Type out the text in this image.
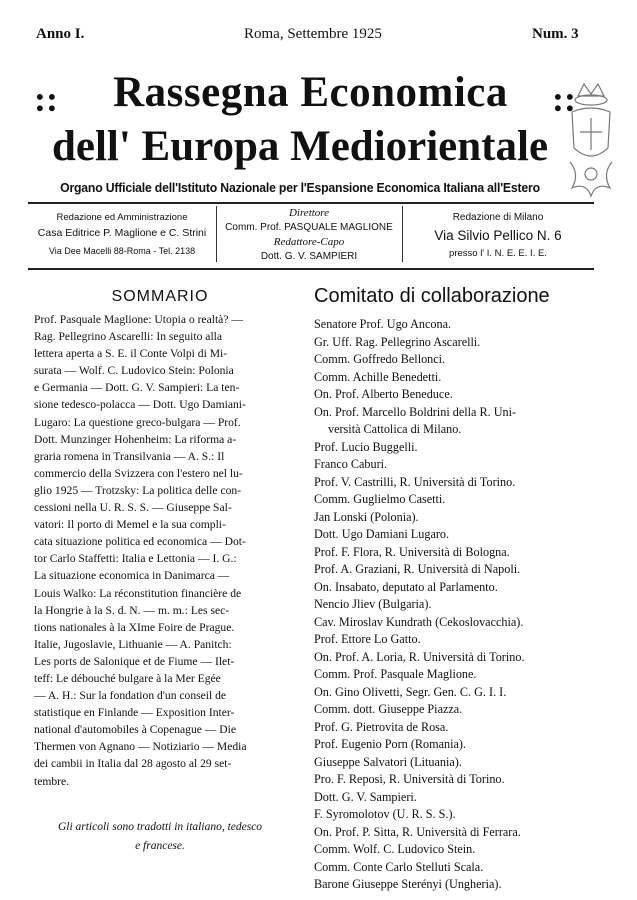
Anno I.	Roma, Settembre 1925	Num. 3
::	::
Rassegna Economica
dell' Europa Mediorientale
Organo Ufficiale dell'Istituto Nazionale per l'Espansione Economica Italiana all'Estero
Redazione ed Amministrazione
Casa Editrice P. Maglione e C. Strini
Via Dee Macelli 88-Roma - Tel. 2138
Direttore
Comm. Prof. PASQUALE MAGLIONE
Redattore-Capo
Dott. G. V. SAMPIERI
Redazione di Milano
Via Silvio Pellico N. 6
presso l' I. N. E. E. I. E.
SOMMARIO	Comitato di collaborazione
Prof. Pasquale Maglione: Utopia o realtà? —
Rag. Pellegrino Ascarelli: In seguito alla
lettera aperta a S. E. il Conte Volpi di Mi-
surata — Wolf. C. Ludovico Stein: Polonia
e Germania — Dott. G. V. Sampieri: La ten-
sione tedesco-polacca — Dott. Ugo Damiani-
Lugaro: La questione greco-bulgara — Prof.
Dott. Munzinger Hohenheim: La riforma a-
graria romena in Transilvania — A. S.: Il
commercio della Svizzera con l'estero nel lu-
glio 1925 — Trotzsky: La politica delle con-
cessioni nella U. R. S. S. — Giuseppe Sal-
vatori: Il porto di Memel e la sua compli-
cata situazione politica ed economica — Dot-
tor Carlo Staffetti: Italia e Lettonia — I. G.:
La situazione economica in Danimarca —
Louis Walko: La réconstitution financière de
la Hongrie à la S. d. N. — m. m.: Les sec-
tions nationales à la XIme Foire de Prague.
Italie, Jugoslavie, Lithuanie — A. Panitch:
Les ports de Salonique et de Fiume — Ilet-
teff: Le débouché bulgare à la Mer Egée
— A. H.: Sur la fondation d'un conseil de
statistique en Finlande — Exposition Inter-
national d'automobiles à Copenague — Die
Thermen von Agnano — Notiziario — Media
dei cambii in Italia dal 28 agosto al 29 set-
tembre.
Gli articoli sono tradotti in italiano, tedesco
e francese.
Senatore Prof. Ugo Ancona.
Gr. Uff. Rag. Pellegrino Ascarelli.
Comm. Goffredo Bellonci.
Comm. Achille Benedetti.
On. Prof. Alberto Beneduce.
On. Prof. Marcello Boldrini della R. Uni-
versità Cattolica di Milano.
Prof. Lucio Buggelli.
Franco Caburi.
Prof. V. Castrilli, R. Università di Torino.
Comm. Guglielmo Casetti.
Jan Lonski (Polonia).
Dott. Ugo Damiani Lugaro.
Prof. F. Flora, R. Università di Bologna.
Prof. A. Graziani, R. Università di Napoli.
On. Insabato, deputato al Parlamento.
Nencio Jliev (Bulgaria).
Cav. Miroslav Kundrath (Cekoslovacchia).
Prof. Ettore Lo Gatto.
On. Prof. A. Loria, R. Università di Torino.
Comm. Prof. Pasquale Maglione.
On. Gino Olivetti, Segr. Gen. C. G. I. I.
Comm. dott. Giuseppe Piazza.
Prof. G. Pietrovita de Rosa.
Prof. Eugenio Porn (Romania).
Giuseppe Salvatori (Lituania).
Pro. F. Reposi, R. Università di Torino.
Dott. G. V. Sampieri.
F. Syromolotov (U. R. S. S.).
On. Prof. P. Sitta, R. Università di Ferrara.
Comm. Wolf. C. Ludovico Stein.
Comm. Conte Carlo Stelluti Scala.
Barone Giuseppe Sterényi (Ungheria).
